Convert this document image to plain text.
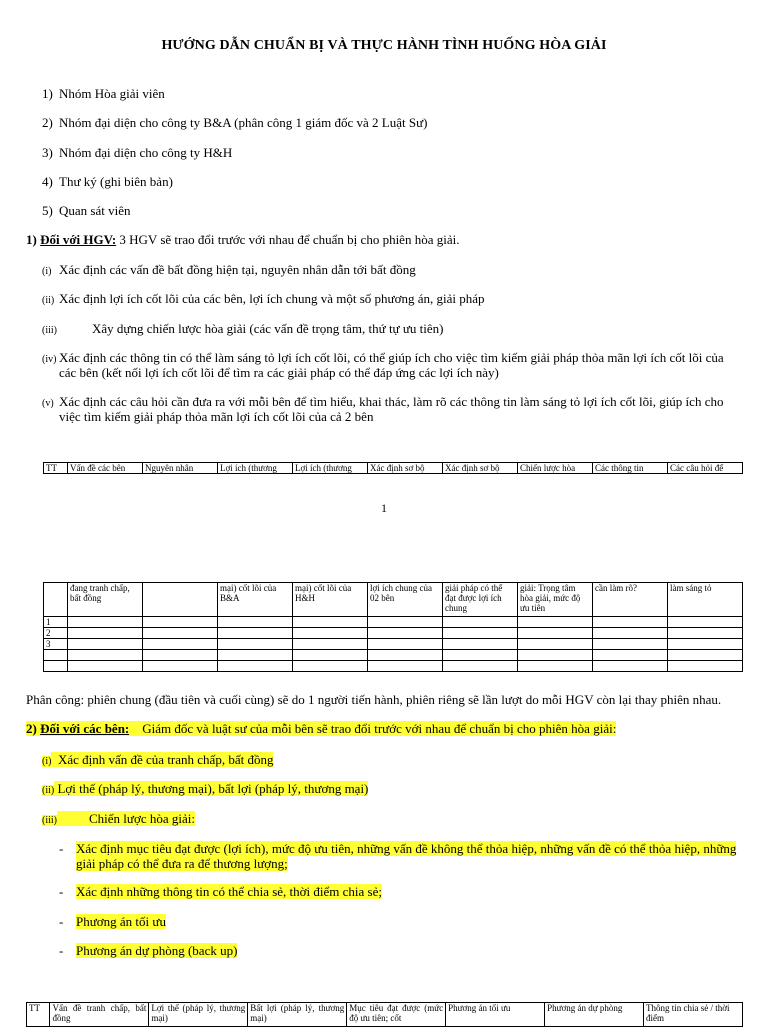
HƯỚNG DẪN CHUẨN BỊ VÀ THỰC HÀNH TÌNH HUỐNG HÒA GIẢI
1) Nhóm Hòa giải viên
2) Nhóm đại diện cho công ty B&A (phân công 1 giám đốc và 2 Luật Sư)
3) Nhóm đại diện cho công ty H&H
4) Thư ký (ghi biên bản)
5) Quan sát viên
1) Đối với HGV: 3 HGV sẽ trao đổi trước với nhau để chuẩn bị cho phiên hòa giải.
(i) Xác định các vấn đề bất đồng hiện tại, nguyên nhân dẫn tới bất đồng
(ii) Xác định lợi ích cốt lõi của các bên, lợi ích chung và một số phương án, giải pháp
(iii)	Xây dựng chiến lược hòa giải (các vấn đề trọng tâm, thứ tự ưu tiên)
(iv) Xác định các thông tin có thể làm sáng tỏ lợi ích cốt lõi, có thể giúp ích cho việc tìm kiếm giải pháp thỏa mãn lợi ích cốt lõi của các bên (kết nối lợi ích cốt lõi để tìm ra các giải pháp có thể đáp ứng các lợi ích này)
(v) Xác định các câu hỏi cần đưa ra với mỗi bên để tìm hiểu, khai thác, làm rõ các thông tin làm sáng tỏ lợi ích cốt lõi, giúp ích cho việc tìm kiếm giải pháp thỏa mãn lợi ích cốt lõi của cả 2 bên
TT	Vấn đề các bên	Nguyên nhân	Lợi ích (thương	Lợi ích (thương	Xác định sơ bộ	Xác định sơ bộ	Chiến lược hòa	Các thông tin	Các câu hỏi để
1
	đang tranh chấp, bất đồng		mại) cốt lõi của B&A	mại) cốt lõi của H&H	lợi ích chung của 02 bên	giải pháp có thể đạt được lợi ích chung	giải: Trọng tâm hòa giải, mức độ ưu tiên	cần làm rõ?	làm sáng tỏ
1									
2									
3									

Phân công: phiên chung (đầu tiên và cuối cùng) sẽ do 1 người tiến hành, phiên riêng sẽ lần lượt do mỗi HGV còn lại thay phiên nhau.
2) Đối với các bên: Giám đốc và luật sư của mỗi bên sẽ trao đổi trước với nhau để chuẩn bị cho phiên hòa giải:
(i) Xác định vấn đề của tranh chấp, bất đồng
(ii) Lợi thế (pháp lý, thương mại), bất lợi (pháp lý, thương mại)
(iii) Chiến lược hòa giải:
- Xác định mục tiêu đạt được (lợi ích), mức độ ưu tiên, những vấn đề không thể thỏa hiệp, những vấn đề có thể thỏa hiệp, những giải pháp có thể đưa ra để thương lượng;
- Xác định những thông tin có thể chia sẻ, thời điểm chia sẻ;
- Phương án tối ưu
- Phương án dự phòng (back up)
TT	Vấn đề tranh chấp, bất đồng	Lợi thế (pháp lý, thương mại)	Bất lợi (pháp lý, thương mại)	Mục tiêu đạt được (mức độ ưu tiên; cốt	Phương án tối ưu	Phương án dự phòng	Thông tin chia sẻ / thời điểm
